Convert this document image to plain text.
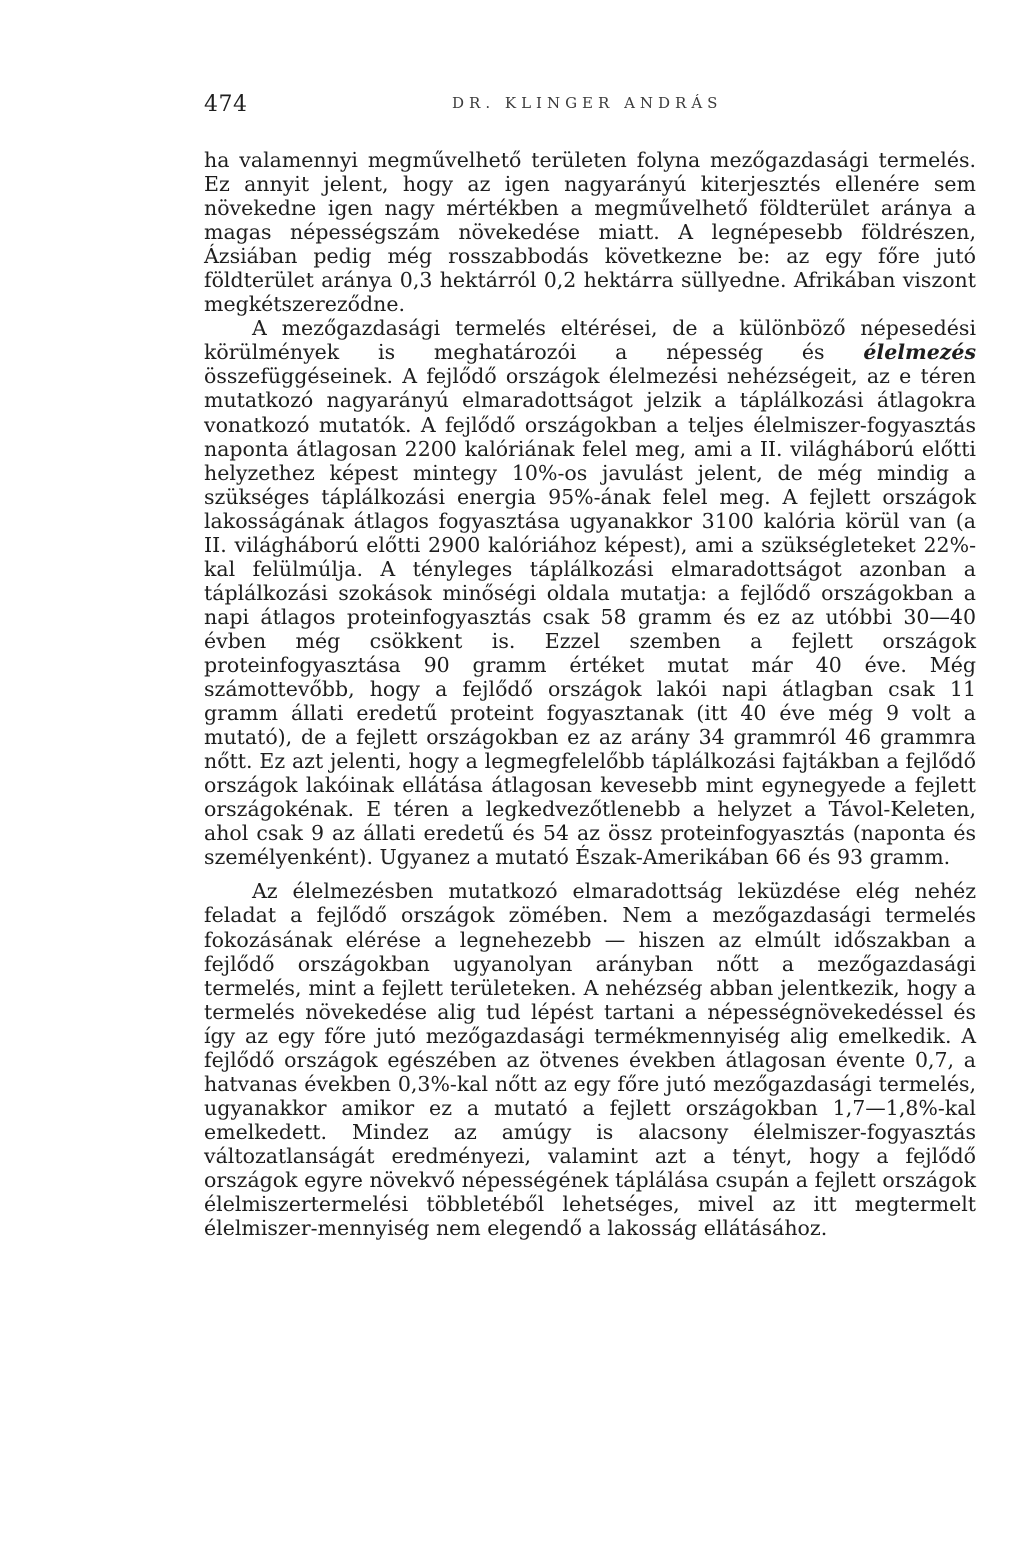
474	DR. KLINGER ANDRÁS

ha valamennyi megművelhető területen folyna mezőgazdasági termelés. Ez annyit jelent, hogy az igen nagyarányú kiterjesztés ellenére sem növekedne igen nagy mértékben a megművelhető földterület aránya a magas népességszám növekedése miatt. A legnépesebb földrészen, Ázsiában pedig még rosszabbodás következne be: az egy főre jutó földterület aránya 0,3 hektárról 0,2 hektárra süllyedne. Afrikában viszont megkétszereződne.

A mezőgazdasági termelés eltérései, de a különböző népesedési körülmények is meghatározói a népesség és élelmezés összefüggéseinek. A fejlődő országok élelmezési nehézségeit, az e téren mutatkozó nagyarányú elmaradottságot jelzik a táplálkozási átlagokra vonatkozó mutatók. A fejlődő országokban a teljes élelmiszer-fogyasztás naponta átlagosan 2200 kalóriának felel meg, ami a II. világháború előtti helyzethez képest mintegy 10%-os javulást jelent, de még mindig a szükséges táplálkozási energia 95%-ának felel meg. A fejlett országok lakosságának átlagos fogyasztása ugyanakkor 3100 kalória körül van (a II. világháború előtti 2900 kalóriához képest), ami a szükségleteket 22%-kal felülmúlja. A tényleges táplálkozási elmaradottságot azonban a táplálkozási szokások minőségi oldala mutatja: a fejlődő országokban a napi átlagos proteinfogyasztás csak 58 gramm és ez az utóbbi 30—40 évben még csökkent is. Ezzel szemben a fejlett országok proteinfogyasztása 90 gramm értéket mutat már 40 éve. Még számottevőbb, hogy a fejlődő országok lakói napi átlagban csak 11 gramm állati eredetű proteint fogyasztanak (itt 40 éve még 9 volt a mutató), de a fejlett országokban ez az arány 34 grammról 46 grammra nőtt. Ez azt jelenti, hogy a legmegfelelőbb táplálkozási fajtákban a fejlődő országok lakóinak ellátása átlagosan kevesebb mint egynegyede a fejlett országokénak. E téren a legkedvezőtlenebb a helyzet a Távol-Keleten, ahol csak 9 az állati eredetű és 54 az össz proteinfogyasztás (naponta és személyenként). Ugyanez a mutató Észak-Amerikában 66 és 93 gramm.

Az élelmezésben mutatkozó elmaradottság leküzdése elég nehéz feladat a fejlődő országok zömében. Nem a mezőgazdasági termelés fokozásának elérése a legnehezebb — hiszen az elmúlt időszakban a fejlődő országokban ugyanolyan arányban nőtt a mezőgazdasági termelés, mint a fejlett területeken. A nehézség abban jelentkezik, hogy a termelés növekedése alig tud lépést tartani a népességnövekedéssel és így az egy főre jutó mezőgazdasági termékmennyiség alig emelkedik. A fejlődő országok egészében az ötvenes években átlagosan évente 0,7, a hatvanas években 0,3%-kal nőtt az egy főre jutó mezőgazdasági termelés, ugyanakkor amikor ez a mutató a fejlett országokban 1,7—1,8%-kal emelkedett. Mindez az amúgy is alacsony élelmiszer-fogyasztás változatlanságát eredményezi, valamint azt a tényt, hogy a fejlődő országok egyre növekvő népességének táplálása csupán a fejlett országok élelmiszertermelési többletéből lehetséges, mivel az itt megtermelt élelmiszer-mennyiség nem elegendő a lakosság ellátásához.
